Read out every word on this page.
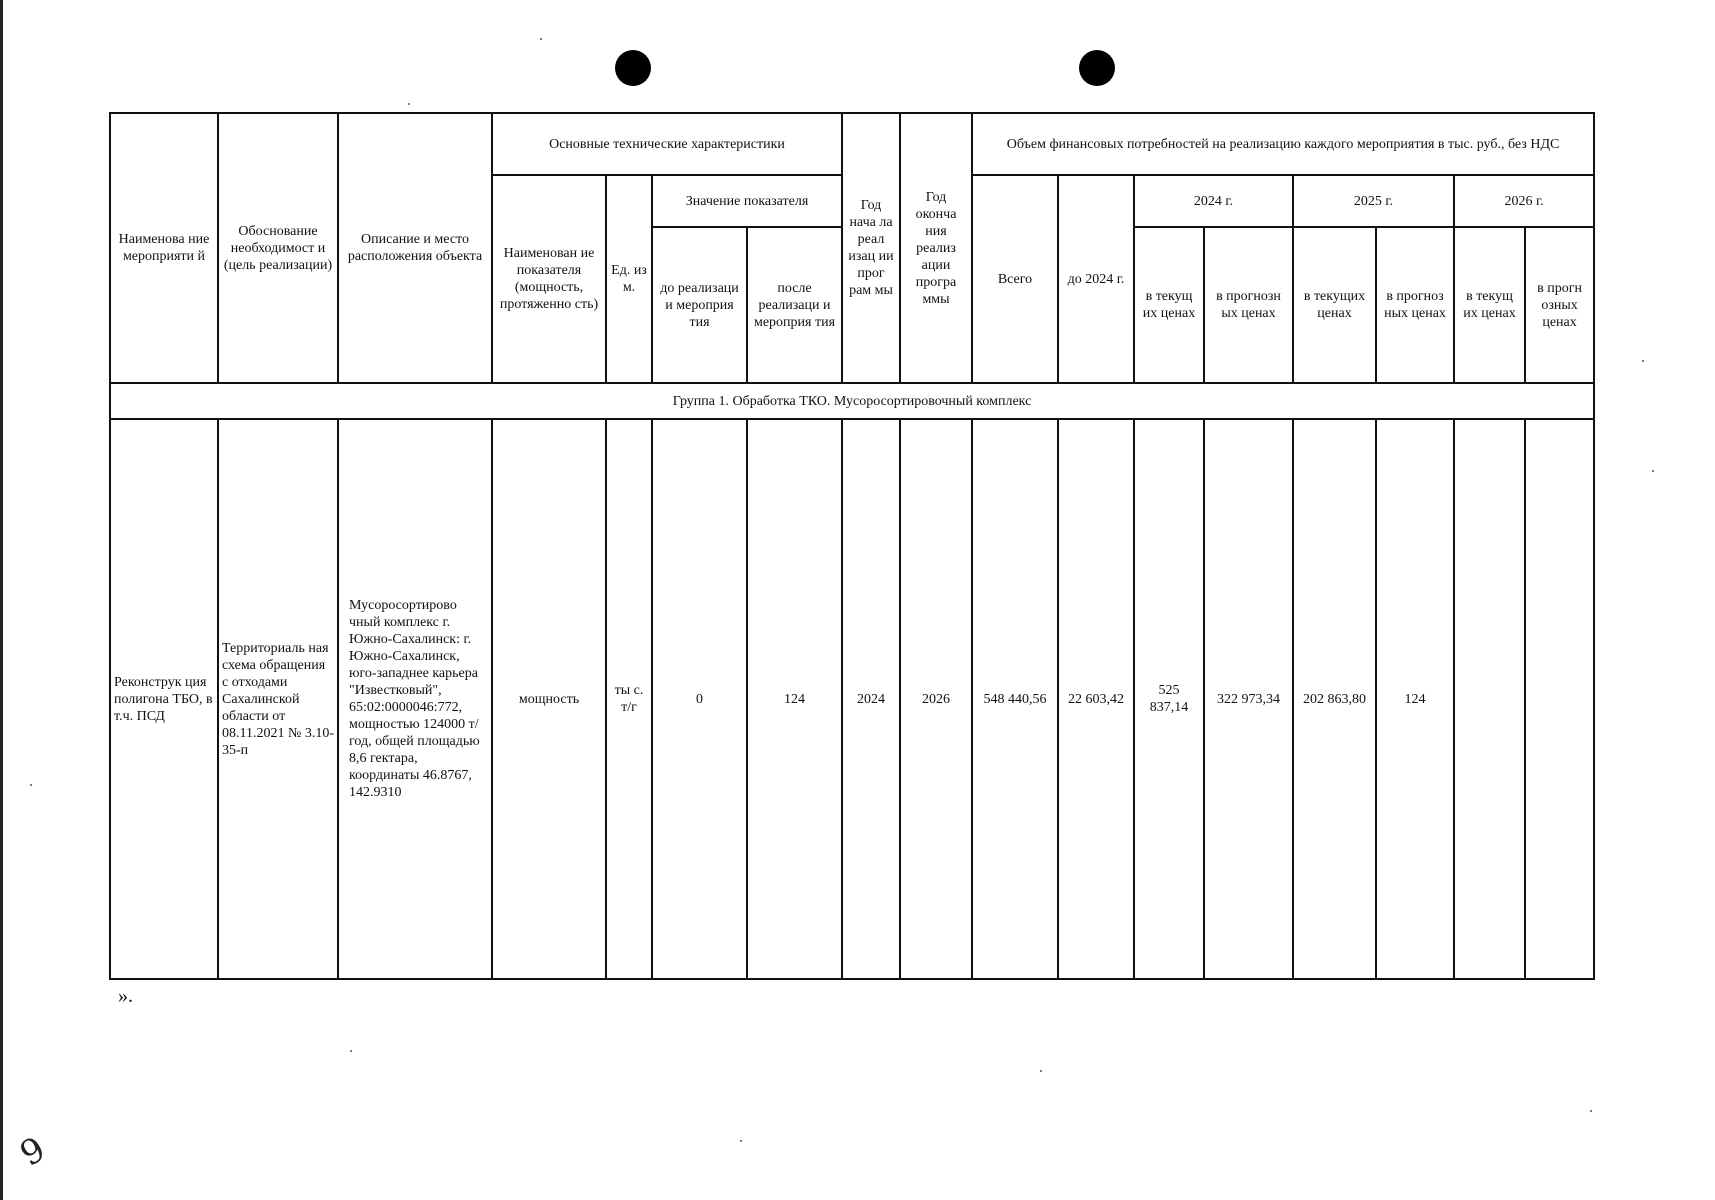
Наименова ние мероприяти й	Обоснование необходимост и (цель реализации)	Описание и место расположения объекта	Основные технические характеристики				Год нача ла реал изац ии прог рам мы	Год оконча ния реализ ации програ ммы	Объем финансовых потребностей на реализацию каждого мероприятия в тыс. руб., без НДС							
			Наименован ие показателя (мощность, протяженно сть)	Ед. из м.	Значение показателя				Всего	до 2024 г.	2024 г.		2025 г.		2026 г.	
					до реализаци и мероприя тия	после реализаци и мероприя тия					в текущ их ценах	в прогнозн ых ценах	в текущих ценах	в прогноз ных ценах	в текущ их ценах	в прогн озных ценах
Группа 1. Обработка ТКО. Мусоросортировочный комплекс																
Реконструк ция полигона ТБО, в т.ч. ПСД	Территориаль ная схема обращения с отходами Сахалинской области от 08.11.2021 № 3.10-35-п	Мусоросортирово чный комплекс г. Южно-Сахалинск: г. Южно-Сахалинск, юго-западнее карьера "Известковый", 65:02:0000046:772, мощностью 124000 т/год, общей площадью 8,6 гектара, координаты 46.8767, 142.9310	мощность	ты с. т/г	0	124	2024	2026	548 440,56	22 603,42	525 837,14	322 973,34	202 863,80	124		
».
9
